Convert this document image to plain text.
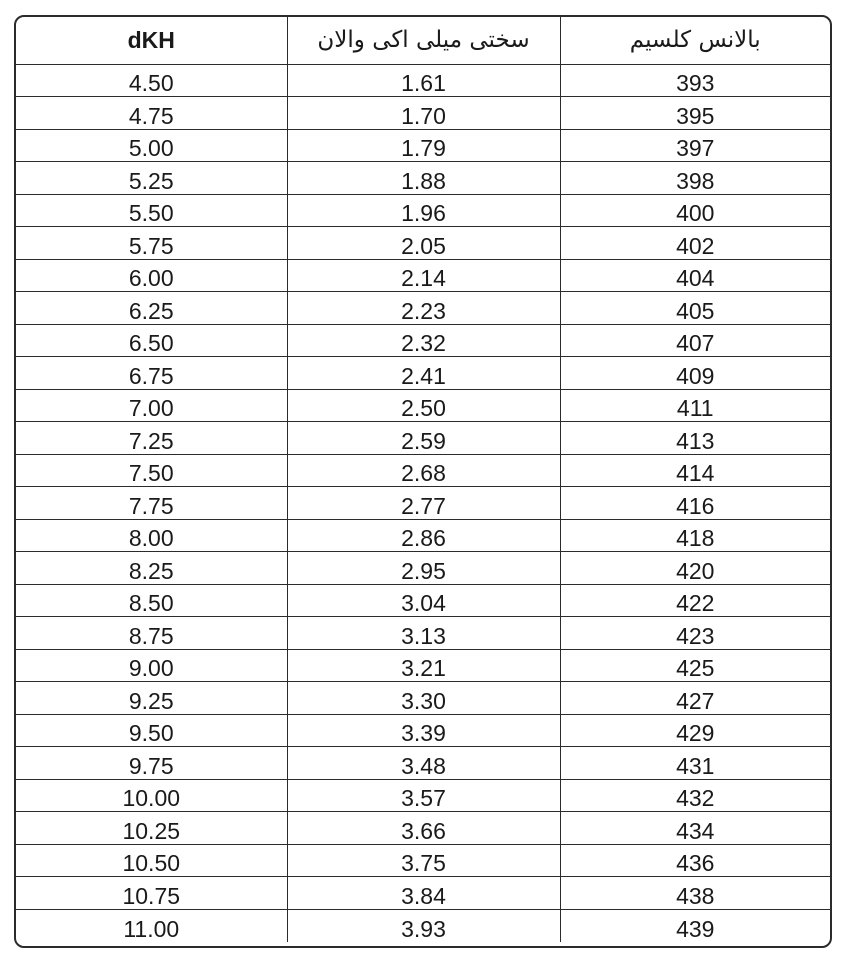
dKH	سختی میلی اکی والان	بالانس کلسیم
4.50	1.61	393
4.75	1.70	395
5.00	1.79	397
5.25	1.88	398
5.50	1.96	400
5.75	2.05	402
6.00	2.14	404
6.25	2.23	405
6.50	2.32	407
6.75	2.41	409
7.00	2.50	411
7.25	2.59	413
7.50	2.68	414
7.75	2.77	416
8.00	2.86	418
8.25	2.95	420
8.50	3.04	422
8.75	3.13	423
9.00	3.21	425
9.25	3.30	427
9.50	3.39	429
9.75	3.48	431
10.00	3.57	432
10.25	3.66	434
10.50	3.75	436
10.75	3.84	438
11.00	3.93	439
